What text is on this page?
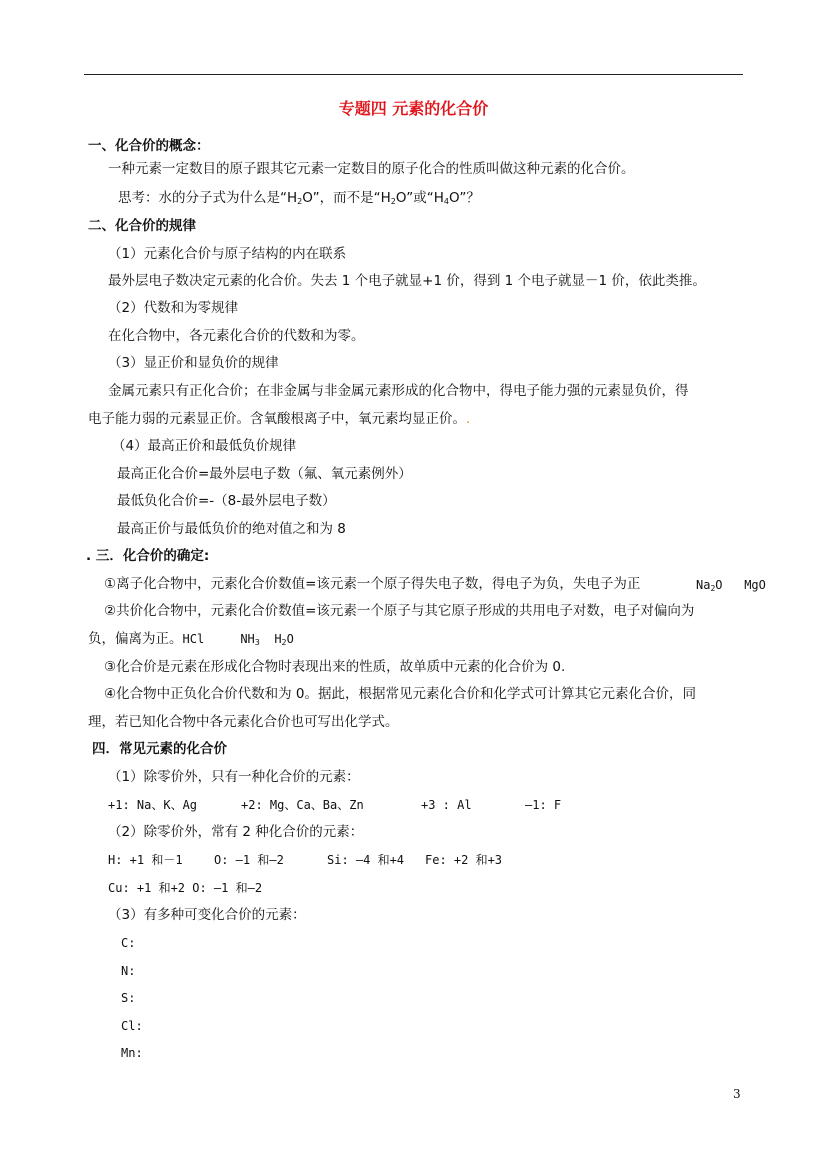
专题四 元素的化合价
一、化合价的概念：
一种元素一定数目的原子跟其它元素一定数目的原子化合的性质叫做这种元素的化合价。
思考：水的分子式为什么是“$H_2O$”，而不是“$H_2O$”或“$H_4O$”？
二、化合价的规律
（1）元素化合价与原子结构的内在联系
最外层电子数决定元素的化合价。失去 1 个电子就显+1 价，得到 1 个电子就显－1 价，依此类推。
（2）代数和为零规律
在化合物中，各元素化合价的代数和为零。
（3）显正价和显负价的规律
金属元素只有正化合价；在非金属与非金属元素形成的化合物中，得电子能力强的元素显负价，得
电子能力弱的元素显正价。含氧酸根离子中，氧元素均显正价。.
（4）最高正价和最低负价规律
最高正化合价=最外层电子数（氟、氧元素例外）
最低负化合价=-（8-最外层电子数）
最高正价与最低负价的绝对值之和为 8
. 三．化合价的确定:
①离子化合物中，元素化合价数值=该元素一个原子得失电子数，得电子为负，失电子为正	$Na_2O$ MgO
②共价化合物中，元素化合价数值=该元素一个原子与其它原子形成的共用电子对数，电子对偏向为
负，偏离为正。HCl	$NH_3$ $H_2O$
③化合价是元素在形成化合物时表现出来的性质，故单质中元素的化合价为 0.
④化合物中正负化合价代数和为 0。据此，根据常见元素化合价和化学式可计算其它元素化合价，同
理，若已知化合物中各元素化合价也可写出化学式。
四．常见元素的化合价
（1）除零价外，只有一种化合价的元素：
+1: Na、K、Ag	+2: Mg、Ca、Ba、Zn	+3 : Al	—1: F
（2）除零价外，常有 2 种化合价的元素：
H: +1 和－1	O: —1 和—2	Si: —4 和+4 Fe: +2 和+3
Cu: +1 和+2 O: —1 和—2
（3）有多种可变化合价的元素：
C:
N:
S:
Cl:
Mn:
3
